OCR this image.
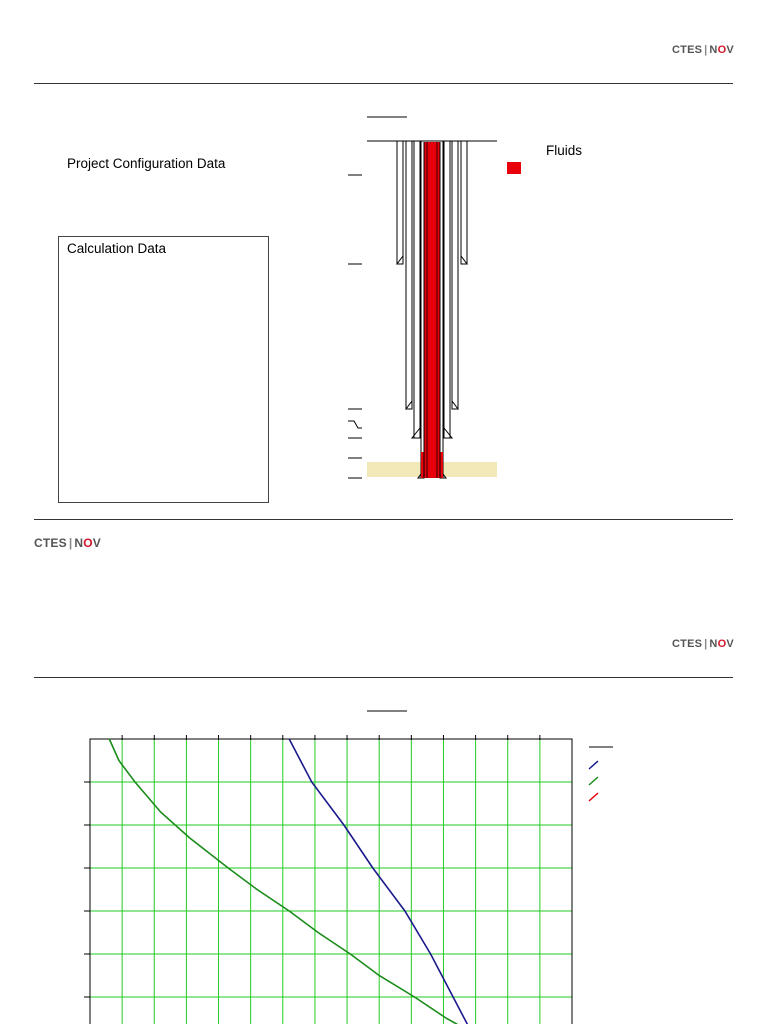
CTES | NOV
Project Configuration Data
Calculation Data
Fluids
CTES | NOV
CTES | NOV
